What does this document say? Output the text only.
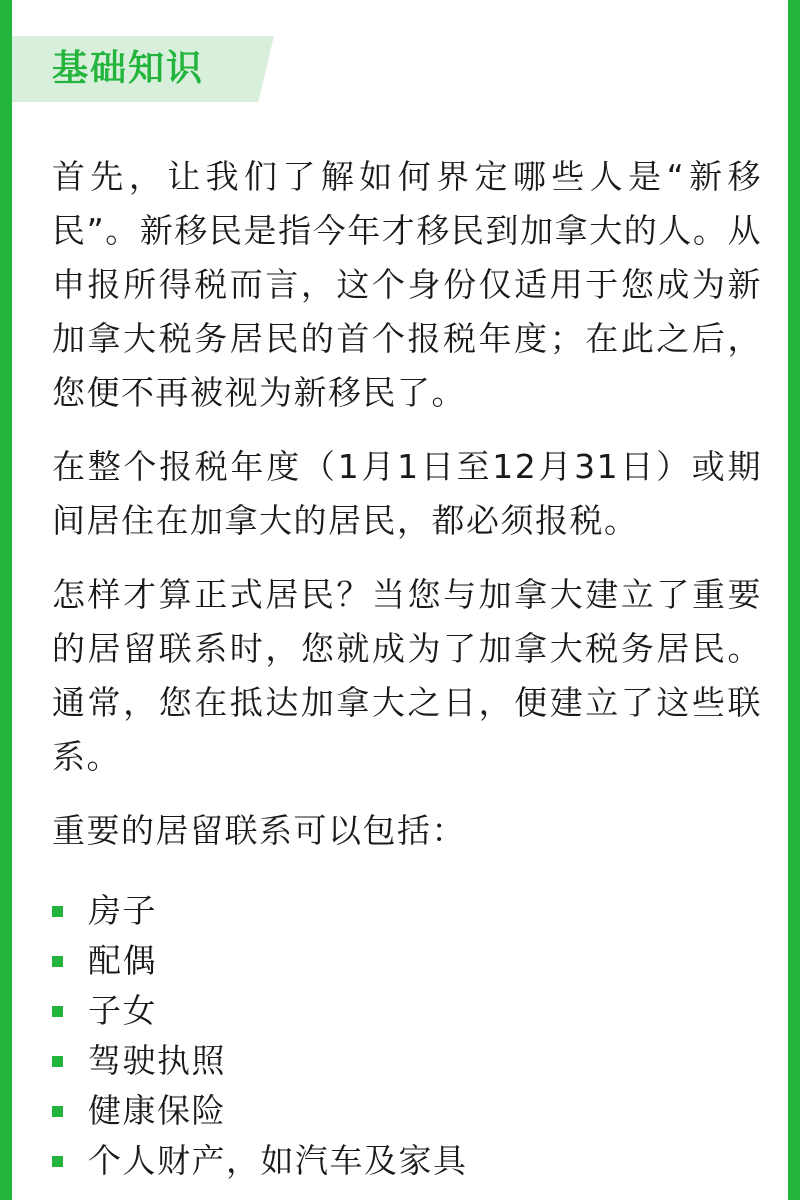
基础知识

首先，让我们了解如何界定哪些人是“新移民”。新移民是指今年才移民到加拿大的人。从申报所得税而言，这个身份仅适用于您成为新加拿大税务居民的首个报税年度；在此之后，您便不再被视为新移民了。

在整个报税年度（1月1日至12月31日）或期间居住在加拿大的居民，都必须报税。

怎样才算正式居民？当您与加拿大建立了重要的居留联系时，您就成为了加拿大税务居民。通常，您在抵达加拿大之日，便建立了这些联系。

重要的居留联系可以包括：

房子
配偶
子女
驾驶执照
健康保险
个人财产，如汽车及家具
